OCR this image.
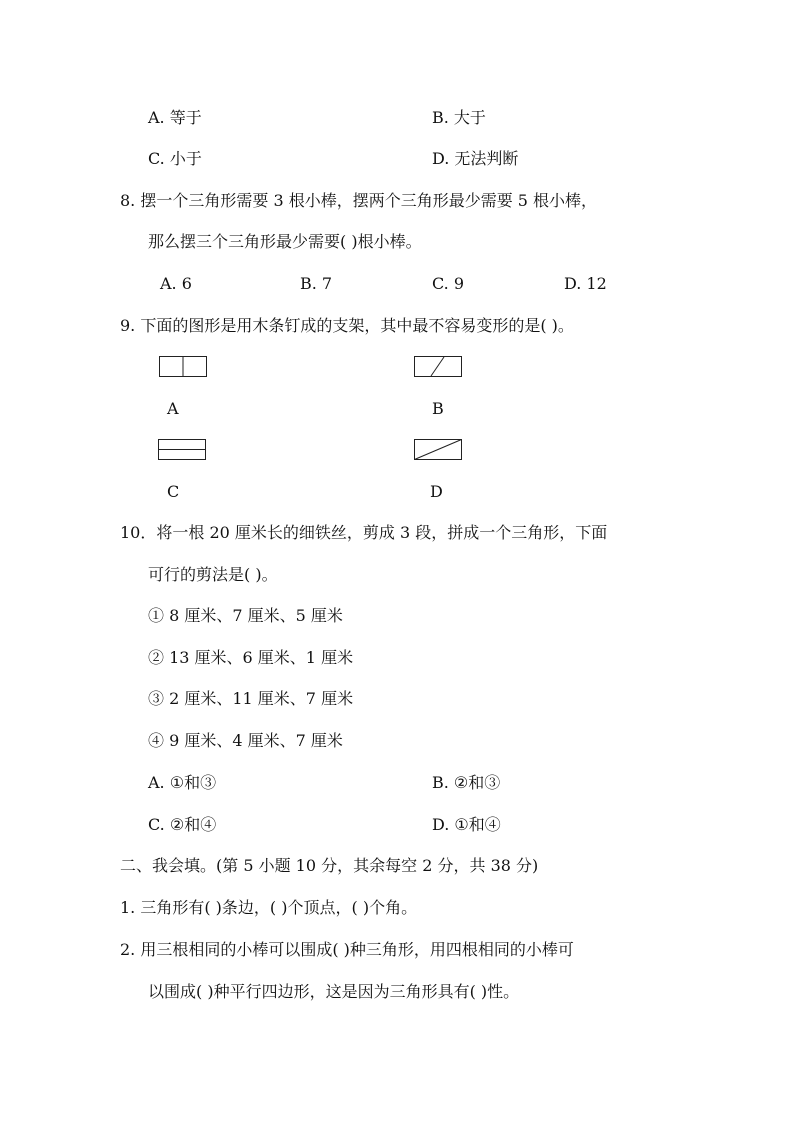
A. 等于	B. 大于
C. 小于	D. 无法判断
8. 摆一个三角形需要 3 根小棒，摆两个三角形最少需要 5 根小棒，
那么摆三个三角形最少需要( )根小棒。
A. 6	B. 7	C. 9	D. 12
9. 下面的图形是用木条钉成的支架，其中最不容易变形的是( )。
A	B
C	D
10．将一根 20 厘米长的细铁丝，剪成 3 段，拼成一个三角形，下面
可行的剪法是( )。
① 8 厘米、7 厘米、5 厘米
② 13 厘米、6 厘米、1 厘米
③ 2 厘米、11 厘米、7 厘米
④ 9 厘米、4 厘米、7 厘米
A. ①和③	B. ②和③
C. ②和④	D. ①和④
二、我会填。(第 5 小题 10 分，其余每空 2 分，共 38 分)
1. 三角形有( )条边，( )个顶点，( )个角。
2. 用三根相同的小棒可以围成( )种三角形，用四根相同的小棒可
以围成( )种平行四边形，这是因为三角形具有( )性。
